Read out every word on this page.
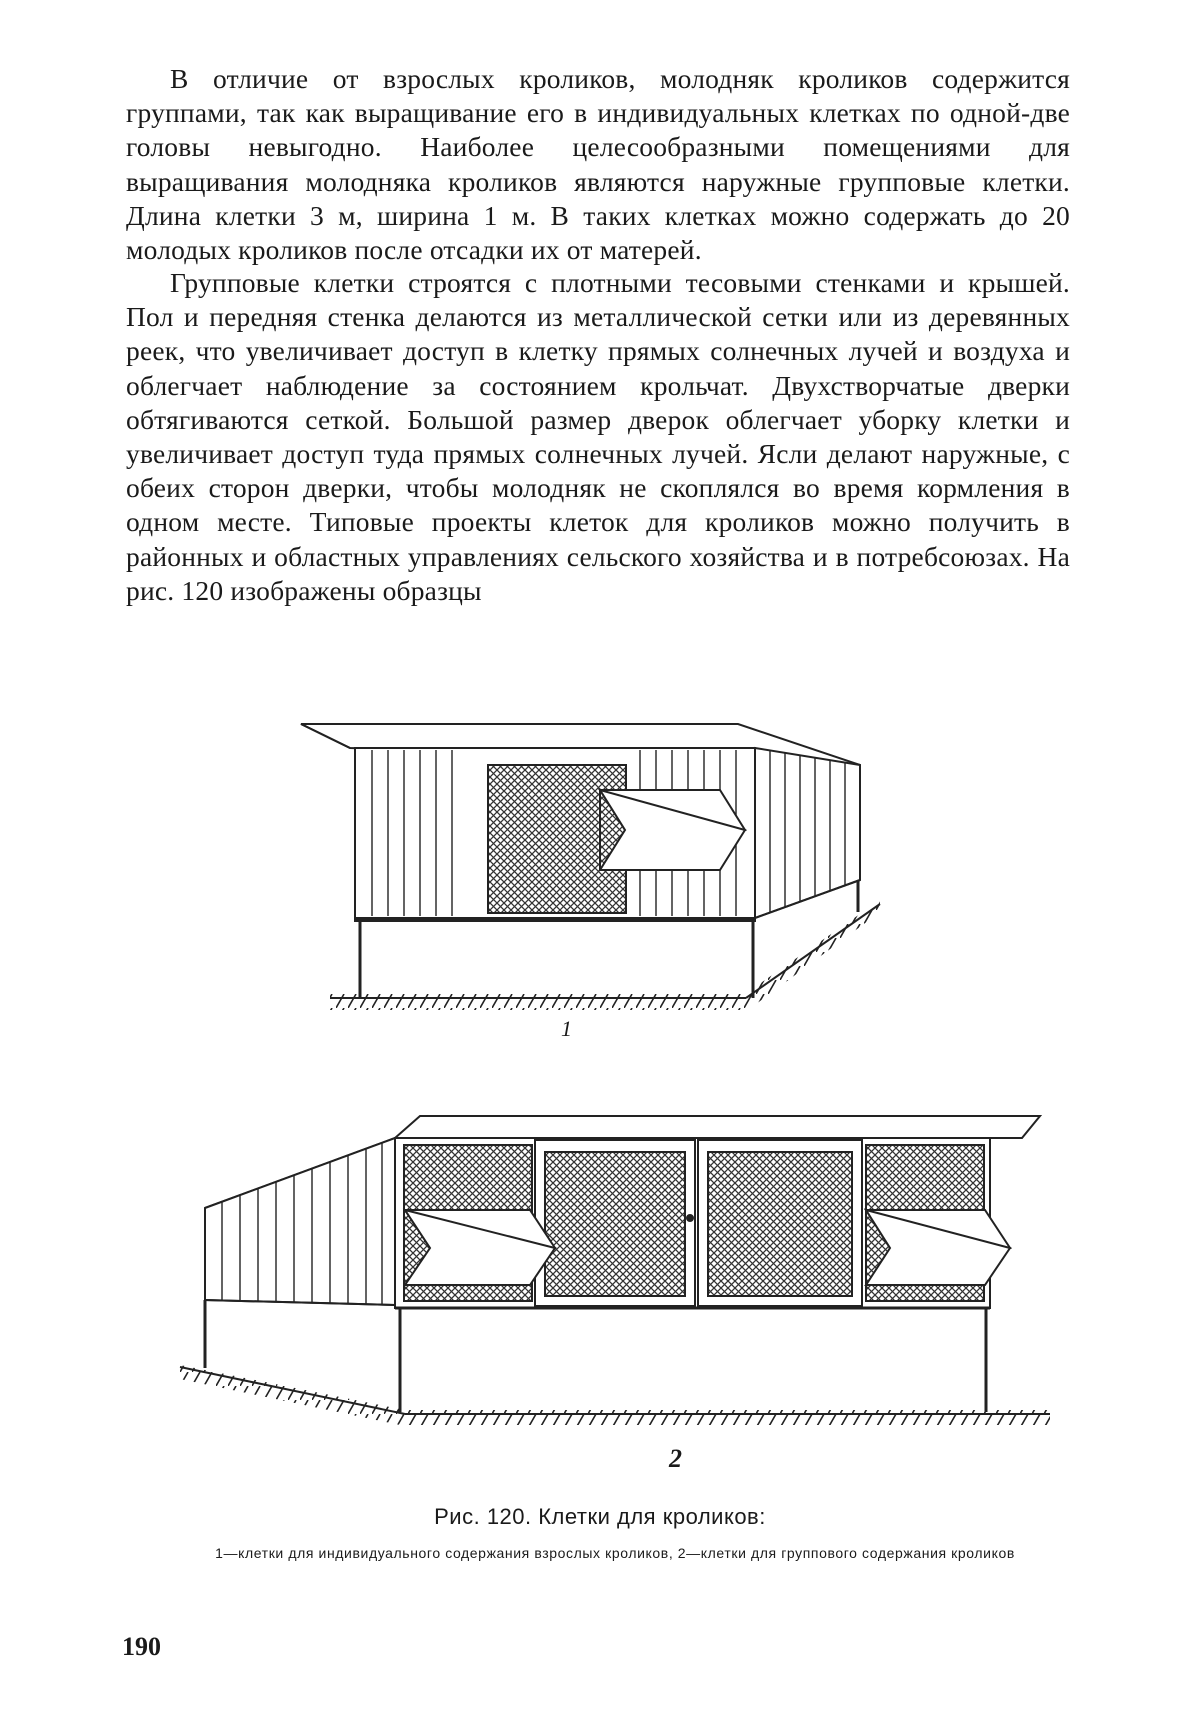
В отличие от взрослых кроликов, молодняк кроликов содержится группами, так как выращивание его в индивидуальных клетках по одной-две головы невыгодно. Наиболее целесообразными помещениями для выращивания молодняка кроликов являются наружные групповые клетки. Длина клетки 3 м, ширина 1 м. В таких клетках можно содержать до 20 молодых кроликов после отсадки их от матерей.

Групповые клетки строятся с плотными тесовыми стенками и крышей. Пол и передняя стенка делаются из металлической сетки или из деревянных реек, что увеличивает доступ в клетку прямых солнечных лучей и воздуха и облегчает наблюдение за состоянием крольчат. Двухстворчатые дверки обтягиваются сеткой. Большой размер дверок облегчает уборку клетки и увеличивает доступ туда прямых солнечных лучей. Ясли делают наружные, с обеих сторон дверки, чтобы молодняк не скоплялся во время кормления в одном месте. Типовые проекты клеток для кроликов можно получить в районных и областных управлениях сельского хозяйства и в потребсоюзах. На рис. 120 изображены образцы

1
2
Рис. 120. Клетки для кроликов:
1—клетки для индивидуального содержания взрослых кроликов, 2—клетки для группового содержания кроликов
190
